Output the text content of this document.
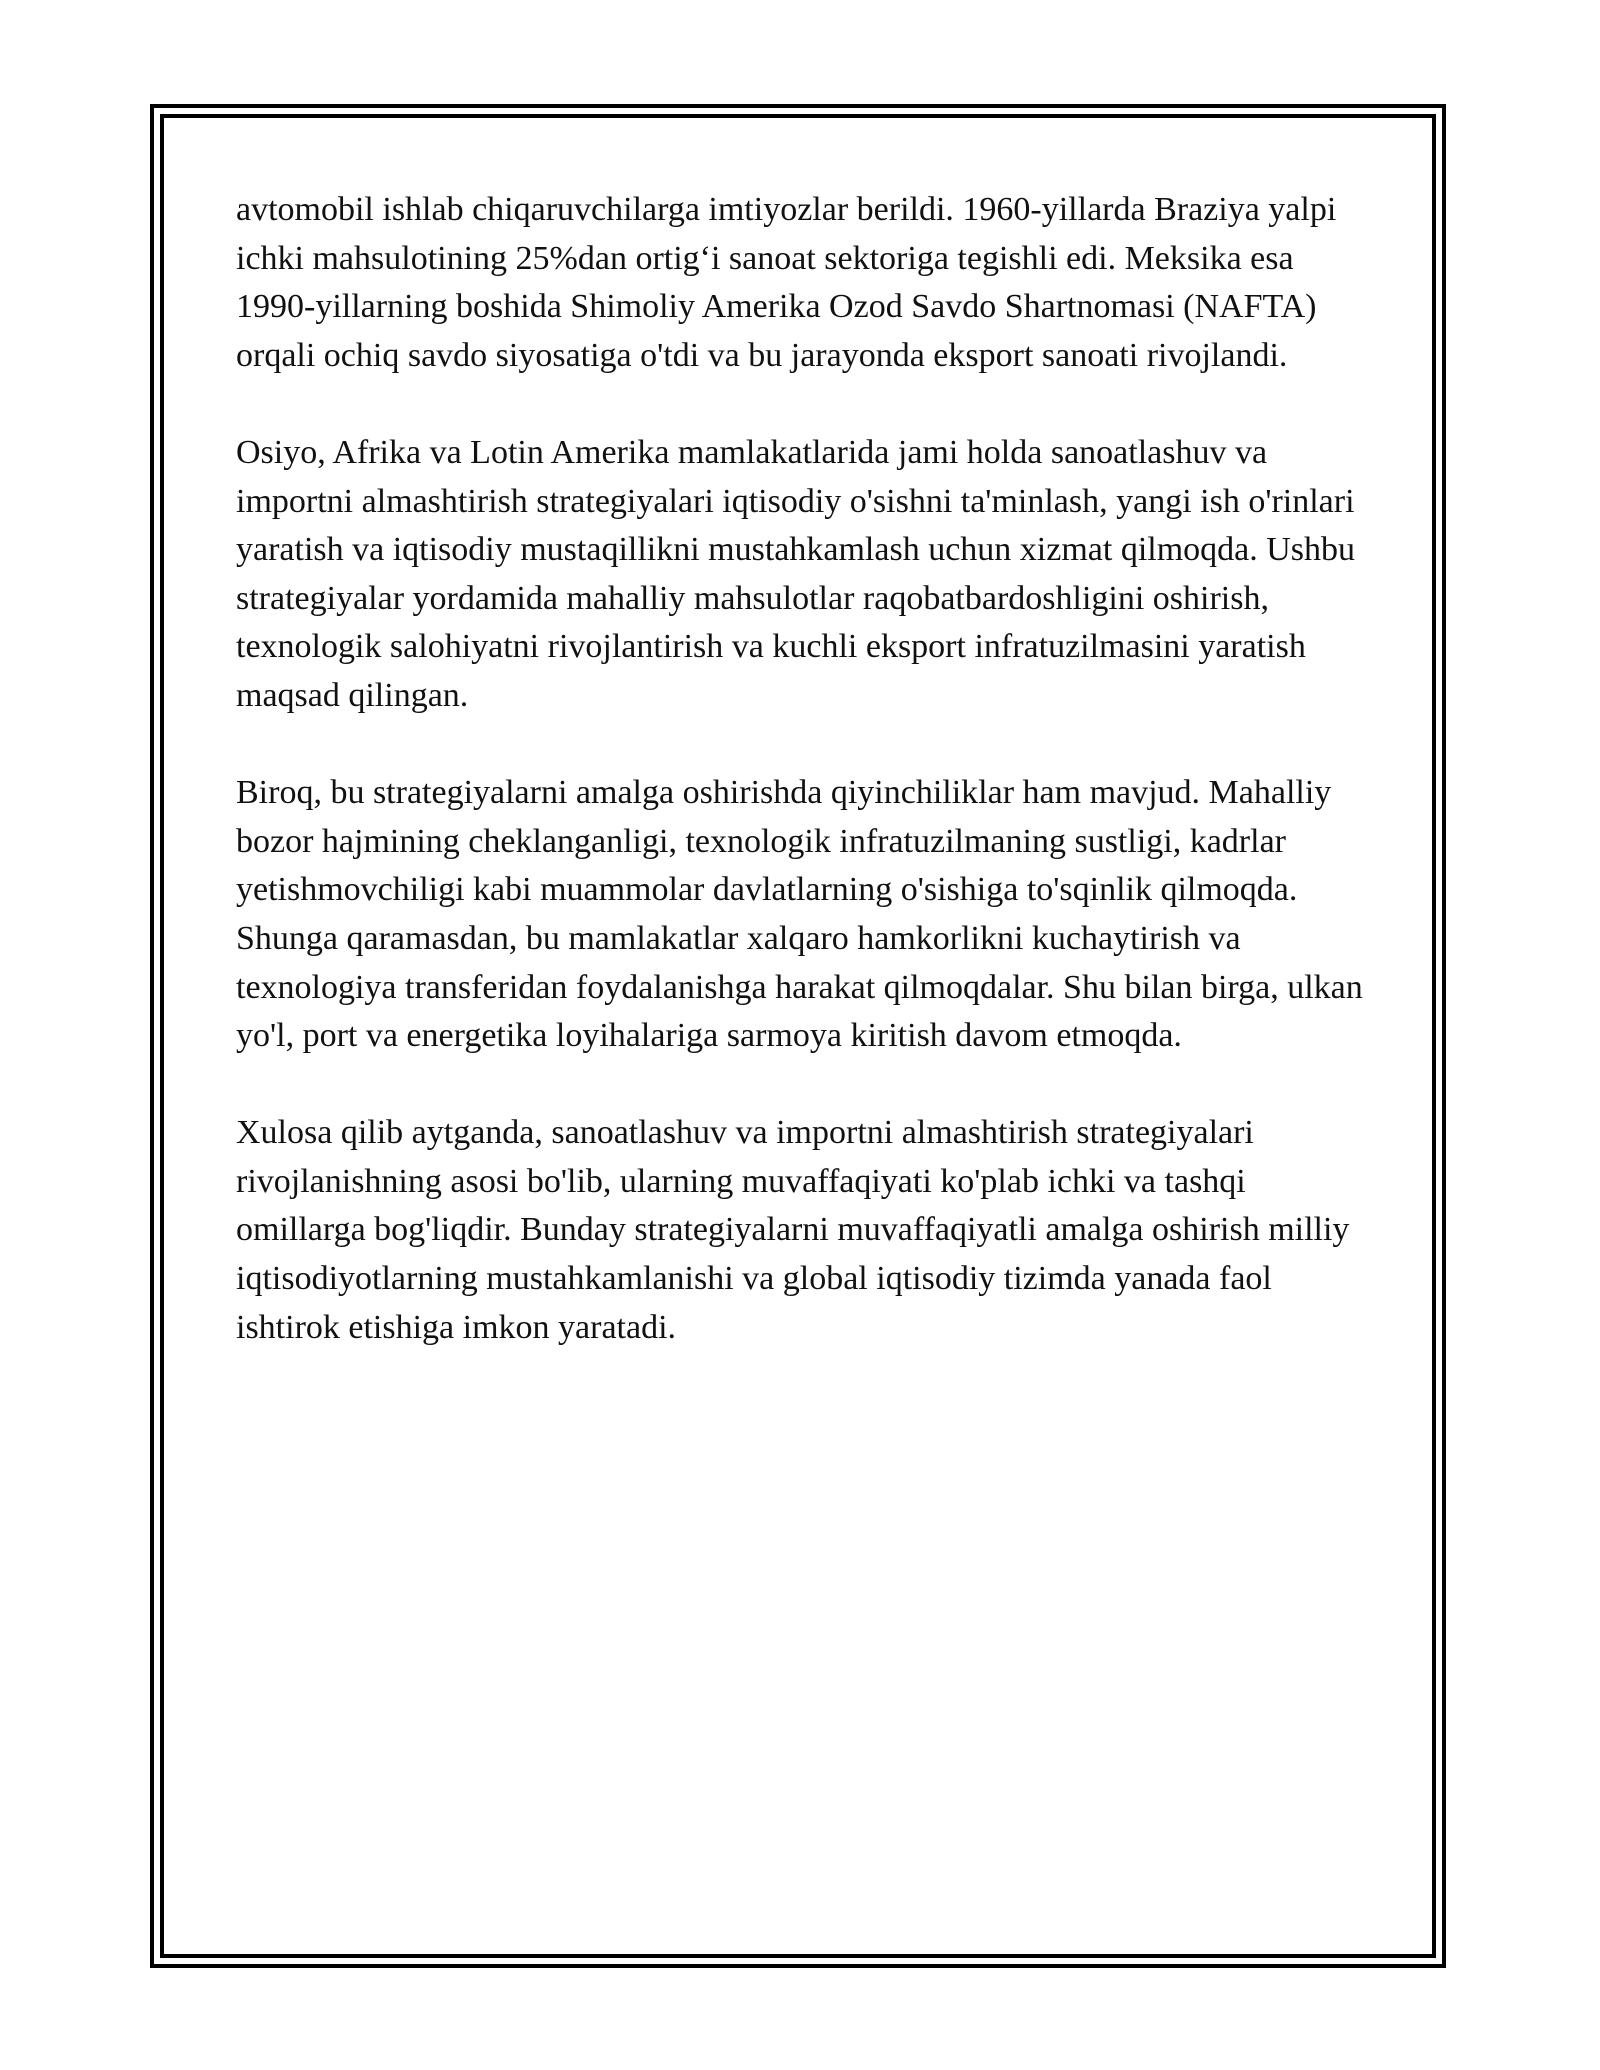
avtomobil ishlab chiqaruvchilarga imtiyozlar berildi. 1960-yillarda Braziya yalpi ichki mahsulotining 25%dan ortig‘i sanoat sektoriga tegishli edi. Meksika esa 1990-yillarning boshida Shimoliy Amerika Ozod Savdo Shartnomasi (NAFTA) orqali ochiq savdo siyosatiga o'tdi va bu jarayonda eksport sanoati rivojlandi.

Osiyo, Afrika va Lotin Amerika mamlakatlarida jami holda sanoatlashuv va importni almashtirish strategiyalari iqtisodiy o'sishni ta'minlash, yangi ish o'rinlari yaratish va iqtisodiy mustaqillikni mustahkamlash uchun xizmat qilmoqda. Ushbu strategiyalar yordamida mahalliy mahsulotlar raqobatbardoshligini oshirish, texnologik salohiyatni rivojlantirish va kuchli eksport infratuzilmasini yaratish maqsad qilingan.

Biroq, bu strategiyalarni amalga oshirishda qiyinchiliklar ham mavjud. Mahalliy bozor hajmining cheklanganligi, texnologik infratuzilmaning sustligi, kadrlar yetishmovchiligi kabi muammolar davlatlarning o'sishiga to'sqinlik qilmoqda. Shunga qaramasdan, bu mamlakatlar xalqaro hamkorlikni kuchaytirish va texnologiya transferidan foydalanishga harakat qilmoqdalar. Shu bilan birga, ulkan yo'l, port va energetika loyihalariga sarmoya kiritish davom etmoqda.

Xulosa qilib aytganda, sanoatlashuv va importni almashtirish strategiyalari rivojlanishning asosi bo'lib, ularning muvaffaqiyati ko'plab ichki va tashqi omillarga bog'liqdir. Bunday strategiyalarni muvaffaqiyatli amalga oshirish milliy iqtisodiyotlarning mustahkamlanishi va global iqtisodiy tizimda yanada faol ishtirok etishiga imkon yaratadi.
